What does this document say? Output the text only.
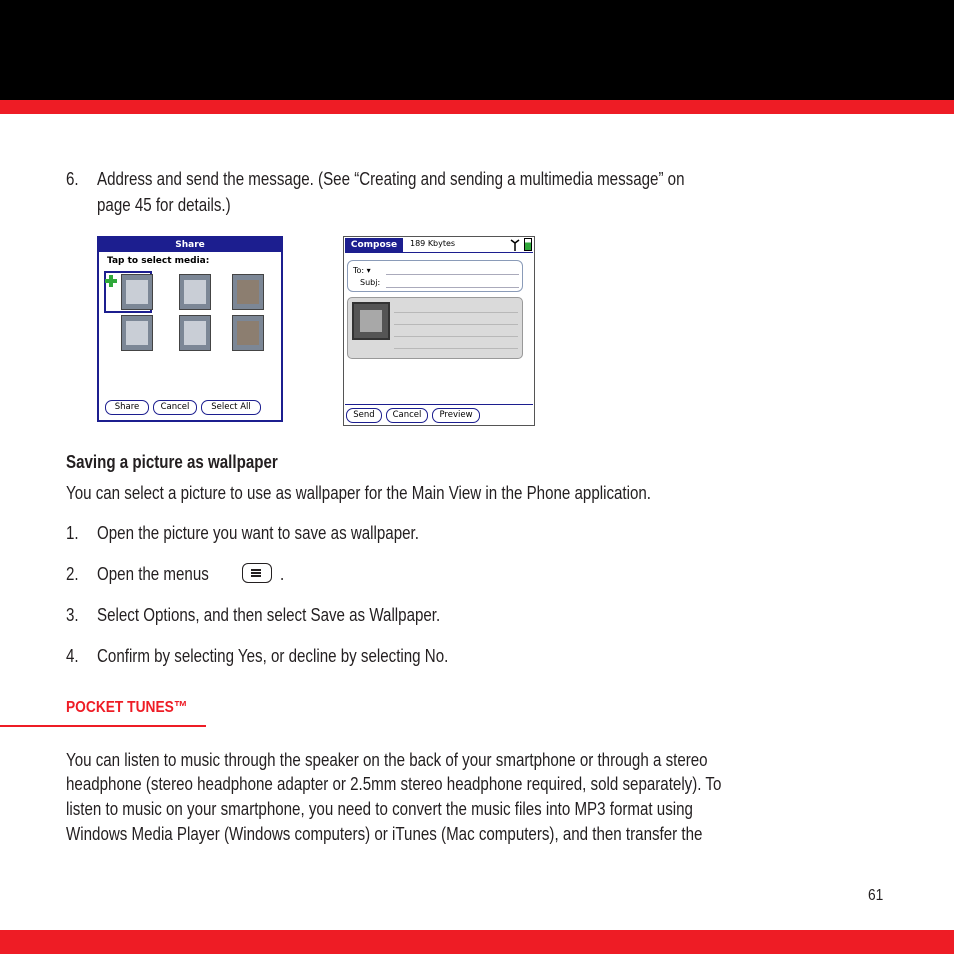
6. Address and send the message. (See “Creating and sending a multimedia message” on
page 45 for details.)
Share
Tap to select media:
Share	Cancel	Select All
Compose	189 Kbytes
To: ▾
Subj:
Send	Cancel	Preview
Saving a picture as wallpaper
You can select a picture to use as wallpaper for the Main View in the Phone application.
1. Open the picture you want to save as wallpaper.
2. Open the menus	.
3. Select Options, and then select Save as Wallpaper.
4. Confirm by selecting Yes, or decline by selecting No.
POCKET TUNES™
You can listen to music through the speaker on the back of your smartphone or through a stereo
headphone (stereo headphone adapter or 2.5mm stereo headphone required, sold separately). To
listen to music on your smartphone, you need to convert the music files into MP3 format using
Windows Media Player (Windows computers) or iTunes (Mac computers), and then transfer the
61
